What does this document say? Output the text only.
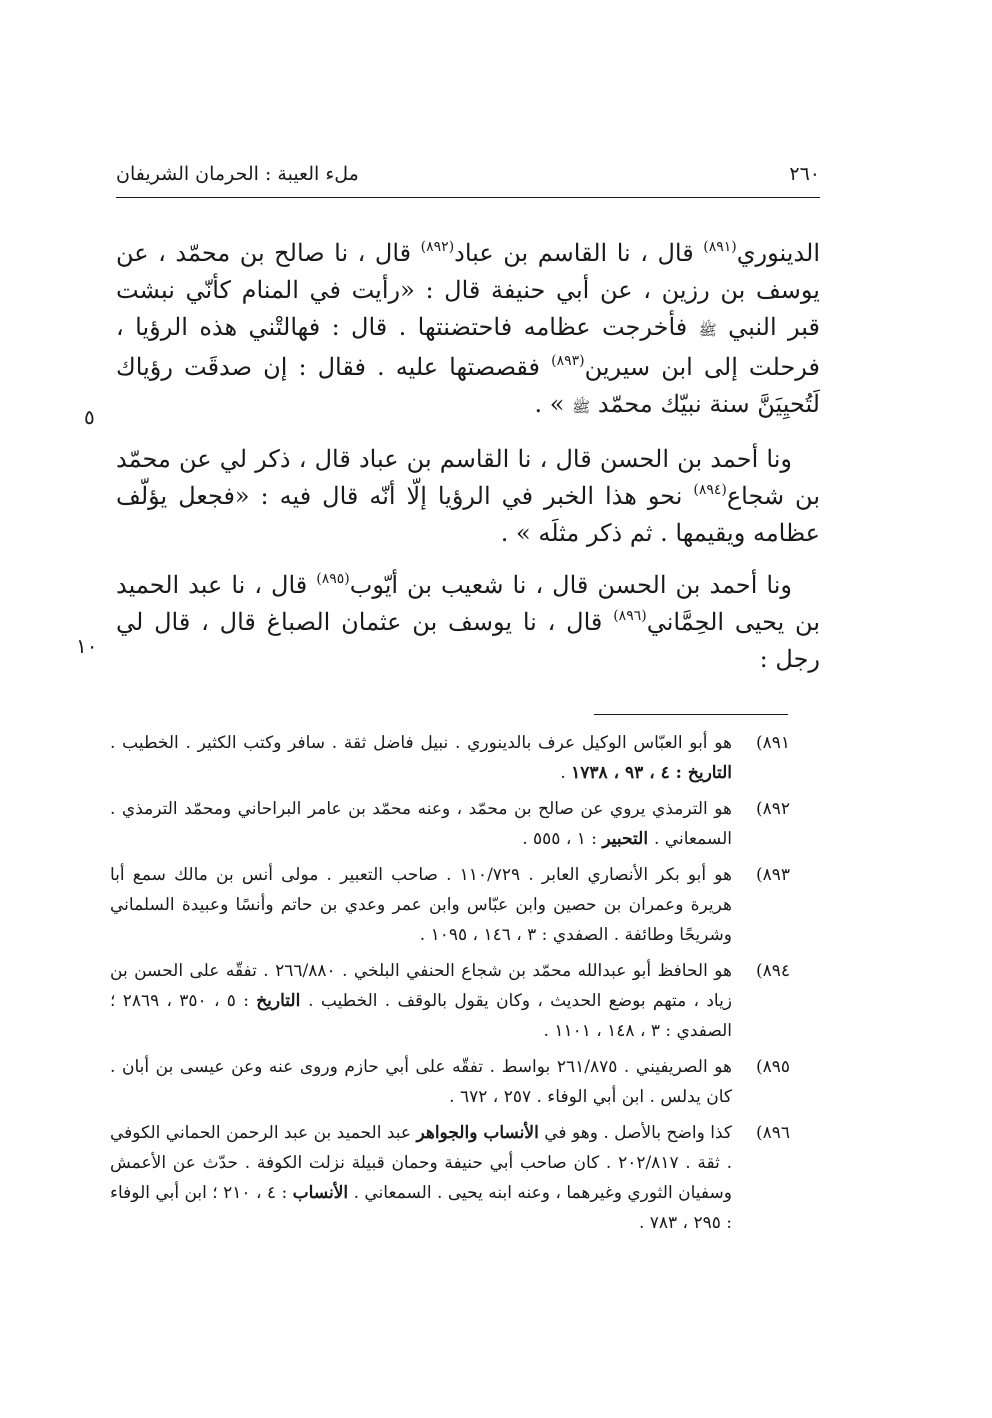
٢٦٠
ملء العيبة : الحرمان الشريفان
٥
١٠

الدينوري$^{(٨٩١)}$ قال ، نا القاسم بن عباد$^{(٨٩٢)}$ قال ، نا صالح بن محمّد ، عن يوسف بن رزين ، عن أبي حنيفة قال : «رأيت في المنام كأنّي نبشت قبر النبي ﷺ فأخرجت عظامه فاحتضنتها . قال : فهالتْني هذه الرؤيا ، فرحلت إلى ابن سيرين$^{(٨٩٣)}$ فقصصتها عليه . فقال : إن صدقَت رؤياك لَتُحيِيَنَّ سنة نبيّك محمّد ﷺ » .

ونا أحمد بن الحسن قال ، نا القاسم بن عباد قال ، ذكر لي عن محمّد بن شجاع$^{(٨٩٤)}$ نحو هذا الخبر في الرؤيا إلّا أنّه قال فيه : «فجعل يؤلّف عظامه ويقيمها . ثم ذكر مثلَه » .

ونا أحمد بن الحسن قال ، نا شعيب بن أيّوب$^{(٨٩٥)}$ قال ، نا عبد الحميد بن يحيى الحِمَّاني$^{(٨٩٦)}$ قال ، نا يوسف بن عثمان الصباغ قال ، قال لي رجل :

٨٩١)
هو أبو العبّاس الوكيل عرف بالدينوري . نبيل فاضل ثقة . سافر وكتب الكثير . الخطيب . التاريخ : ٤ ، ٩٣ ، ١٧٣٨ .
٨٩٢)
هو الترمذي يروي عن صالح بن محمّد ، وعنه محمّد بن عامر البراحاني ومحمّد الترمذي . السمعاني . التحبير : ١ ، ٥٥٥ .
٨٩٣)
هو أبو بكر الأنصاري العابر . ١١٠/٧٢٩ . صاحب التعبير . مولى أنس بن مالك سمع أبا هريرة وعمران بن حصين وابن عبّاس وابن عمر وعدي بن حاتم وأنسًا وعبيدة السلماني وشريحًا وطائفة . الصفدي : ٣ ، ١٤٦ ، ١٠٩٥ .
٨٩٤)
هو الحافظ أبو عبدالله محمّد بن شجاع الحنفي البلخي . ٢٦٦/٨٨٠ . تفقّه على الحسن بن زياد ، متهم بوضع الحديث ، وكان يقول بالوقف . الخطيب . التاريخ : ٥ ، ٣٥٠ ، ٢٨٦٩ ؛ الصفدي : ٣ ، ١٤٨ ، ١١٠١ .
٨٩٥)
هو الصريفيني . ٢٦١/٨٧٥ بواسط . تفقّه على أبي حازم وروى عنه وعن عيسى بن أبان . كان يدلس . ابن أبي الوفاء . ٢٥٧ ، ٦٧٢ .
٨٩٦)
كذا واضح بالأصل . وهو في الأنساب والجواهر عبد الحميد بن عبد الرحمن الحماني الكوفي . ثقة . ٢٠٢/٨١٧ . كان صاحب أبي حنيفة وحمان قبيلة نزلت الكوفة . حدّث عن الأعمش وسفيان الثوري وغيرهما ، وعنه ابنه يحيى . السمعاني . الأنساب : ٤ ، ٢١٠ ؛ ابن أبي الوفاء : ٢٩٥ ، ٧٨٣ .
